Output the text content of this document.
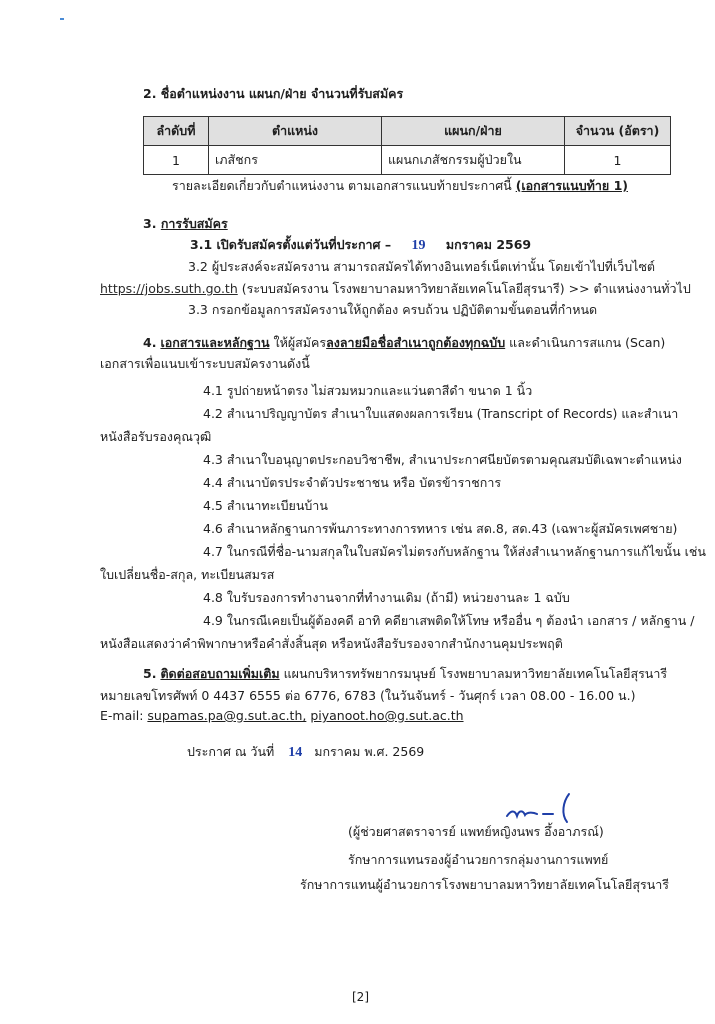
2. ชื่อตำแหน่งงาน แผนก/ฝ่าย จำนวนที่รับสมัคร
ลำดับที่	ตำแหน่ง	แผนก/ฝ่าย	จำนวน (อัตรา)
1	เภสัชกร	แผนกเภสัชกรรมผู้ป่วยใน	1
รายละเอียดเกี่ยวกับตำแหน่งงาน ตามเอกสารแนบท้ายประกาศนี้ (เอกสารแนบท้าย 1)
3. การรับสมัคร
3.1 เปิดรับสมัครตั้งแต่วันที่ประกาศ – 19 มกราคม 2569
3.2 ผู้ประสงค์จะสมัครงาน สามารถสมัครได้ทางอินเทอร์เน็ตเท่านั้น โดยเข้าไปที่เว็บไซต์
https://jobs.suth.go.th (ระบบสมัครงาน โรงพยาบาลมหาวิทยาลัยเทคโนโลยีสุรนารี) >> ตำแหน่งงานทั่วไป
3.3 กรอกข้อมูลการสมัครงานให้ถูกต้อง ครบถ้วน ปฏิบัติตามขั้นตอนที่กำหนด
4. เอกสารและหลักฐาน ให้ผู้สมัครลงลายมือชื่อสำเนาถูกต้องทุกฉบับ และดำเนินการสแกน (Scan)
เอกสารเพื่อแนบเข้าระบบสมัครงานดังนี้
4.1 รูปถ่ายหน้าตรง ไม่สวมหมวกและแว่นตาสีดำ ขนาด 1 นิ้ว
4.2 สำเนาปริญญาบัตร สำเนาใบแสดงผลการเรียน (Transcript of Records) และสำเนา
หนังสือรับรองคุณวุฒิ
4.3 สำเนาใบอนุญาตประกอบวิชาชีพ, สำเนาประกาศนียบัตรตามคุณสมบัติเฉพาะตำแหน่ง
4.4 สำเนาบัตรประจำตัวประชาชน หรือ บัตรข้าราชการ
4.5 สำเนาทะเบียนบ้าน
4.6 สำเนาหลักฐานการพ้นภาระทางการทหาร เช่น สด.8, สด.43 (เฉพาะผู้สมัครเพศชาย)
4.7 ในกรณีที่ชื่อ-นามสกุลในใบสมัครไม่ตรงกับหลักฐาน ให้ส่งสำเนาหลักฐานการแก้ไขนั้น เช่น
ใบเปลี่ยนชื่อ-สกุล, ทะเบียนสมรส
4.8 ใบรับรองการทำงานจากที่ทำงานเดิม (ถ้ามี) หน่วยงานละ 1 ฉบับ
4.9 ในกรณีเคยเป็นผู้ต้องคดี อาทิ คดียาเสพติดให้โทษ หรืออื่น ๆ ต้องนำ เอกสาร / หลักฐาน /
หนังสือแสดงว่าคำพิพากษาหรือคำสั่งสิ้นสุด หรือหนังสือรับรองจากสำนักงานคุมประพฤติ
5. ติดต่อสอบถามเพิ่มเติม แผนกบริหารทรัพยากรมนุษย์ โรงพยาบาลมหาวิทยาลัยเทคโนโลยีสุรนารี
หมายเลขโทรศัพท์ 0 4437 6555 ต่อ 6776, 6783 (ในวันจันทร์ - วันศุกร์ เวลา 08.00 - 16.00 น.)
E-mail: supamas.pa@g.sut.ac.th, piyanoot.ho@g.sut.ac.th
ประกาศ ณ วันที่ 14 มกราคม พ.ศ. 2569
(ผู้ช่วยศาสตราจารย์ แพทย์หญิงนพร อึ้งอาภรณ์)
รักษาการแทนรองผู้อำนวยการกลุ่มงานการแพทย์
รักษาการแทนผู้อำนวยการโรงพยาบาลมหาวิทยาลัยเทคโนโลยีสุรนารี
[2]
